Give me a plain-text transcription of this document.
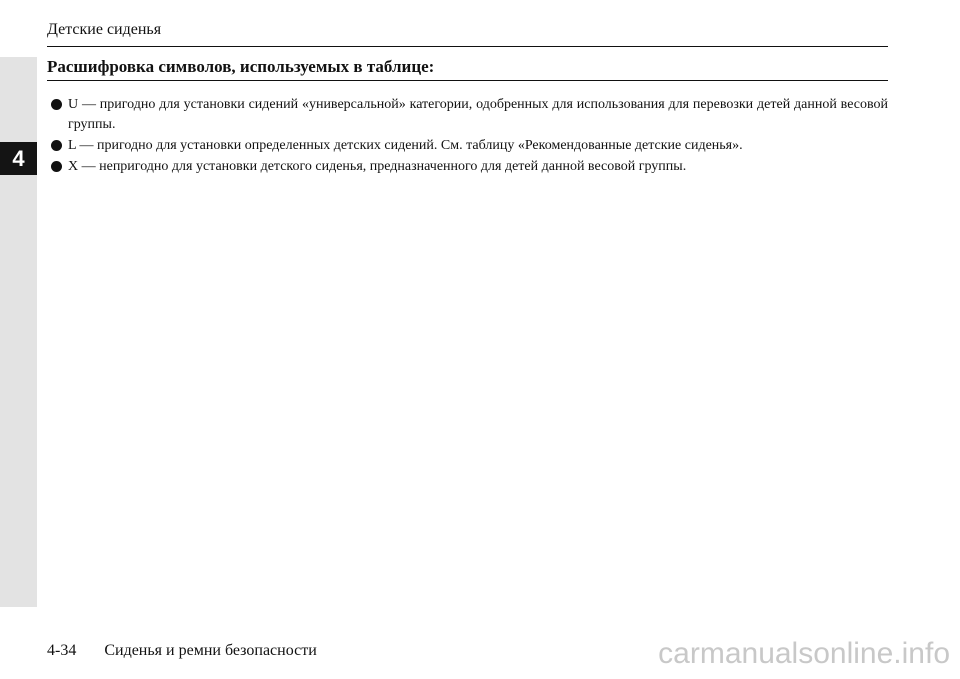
4
Детские сиденья
Расшифровка символов, используемых в таблице:
U — пригодно для установки сидений «универсальной» категории, одобренных для использования для перевозки детей данной весовой группы.
L — пригодно для установки определенных детских сидений. См. таблицу «Рекомендованные детские сиденья».
X — непригодно для установки детского сиденья, предназначенного для детей данной весовой группы.
4-34 Сиденья и ремни безопасности	carmanualsonline.info
